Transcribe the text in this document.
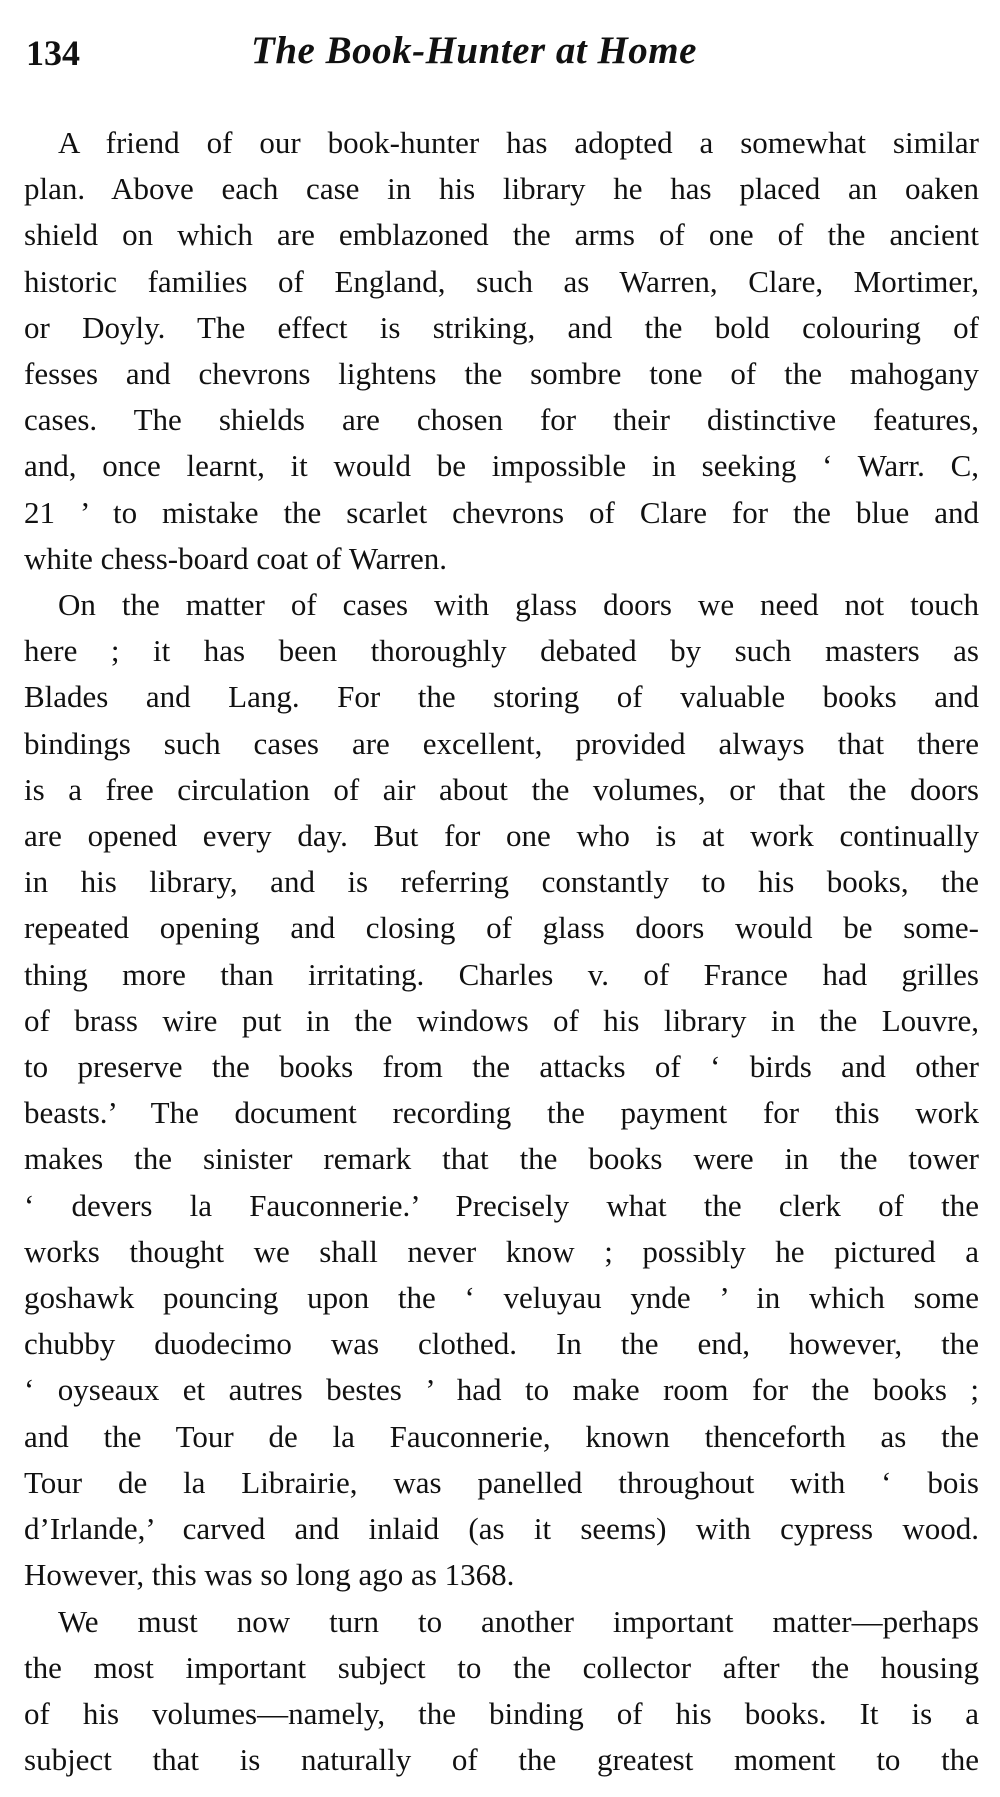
134	The Book-Hunter at Home
A friend of our book-hunter has adopted a somewhat similar
plan. Above each case in his library he has placed an oaken
shield on which are emblazoned the arms of one of the ancient
historic families of England, such as Warren, Clare, Mortimer,
or Doyly. The effect is striking, and the bold colouring of
fesses and chevrons lightens the sombre tone of the mahogany
cases. The shields are chosen for their distinctive features,
and, once learnt, it would be impossible in seeking ‘ Warr. C,
21 ’ to mistake the scarlet chevrons of Clare for the blue and
white chess-board coat of Warren.
On the matter of cases with glass doors we need not touch
here ; it has been thoroughly debated by such masters as
Blades and Lang. For the storing of valuable books and
bindings such cases are excellent, provided always that there
is a free circulation of air about the volumes, or that the doors
are opened every day. But for one who is at work continually
in his library, and is referring constantly to his books, the
repeated opening and closing of glass doors would be some-
thing more than irritating. Charles v. of France had grilles
of brass wire put in the windows of his library in the Louvre,
to preserve the books from the attacks of ‘ birds and other
beasts.’ The document recording the payment for this work
makes the sinister remark that the books were in the tower
‘ devers la Fauconnerie.’ Precisely what the clerk of the
works thought we shall never know ; possibly he pictured a
goshawk pouncing upon the ‘ veluyau ynde ’ in which some
chubby duodecimo was clothed. In the end, however, the
‘ oyseaux et autres bestes ’ had to make room for the books ;
and the Tour de la Fauconnerie, known thenceforth as the
Tour de la Librairie, was panelled throughout with ‘ bois
d’Irlande,’ carved and inlaid (as it seems) with cypress wood.
However, this was so long ago as 1368.
We must now turn to another important matter—perhaps
the most important subject to the collector after the housing
of his volumes—namely, the binding of his books. It is a
subject that is naturally of the greatest moment to the
